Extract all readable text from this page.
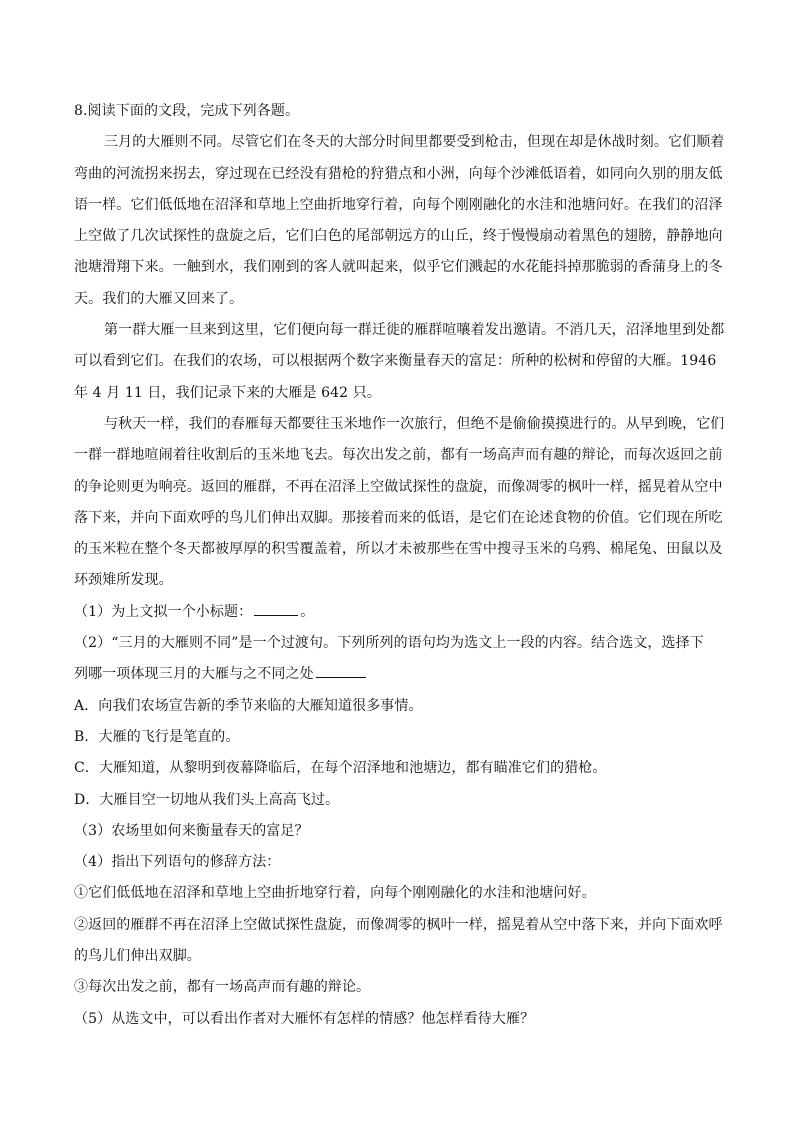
8.阅读下面的文段，完成下列各题。
三月的大雁则不同。尽管它们在冬天的大部分时间里都要受到枪击，但现在却是休战时刻。它们顺着
弯曲的河流拐来拐去，穿过现在已经没有猎枪的狩猎点和小洲，向每个沙滩低语着，如同向久别的朋友低
语一样。它们低低地在沼泽和草地上空曲折地穿行着，向每个刚刚融化的水洼和池塘问好。在我们的沼泽
上空做了几次试探性的盘旋之后，它们白色的尾部朝远方的山丘，终于慢慢扇动着黑色的翅膀，静静地向
池塘滑翔下来。一触到水，我们刚到的客人就叫起来，似乎它们溅起的水花能抖掉那脆弱的香蒲身上的冬
天。我们的大雁又回来了。
第一群大雁一旦来到这里，它们便向每一群迁徙的雁群喧嚷着发出邀请。不消几天，沼泽地里到处都
可以看到它们。在我们的农场，可以根据两个数字来衡量春天的富足：所种的松树和停留的大雁。1946
年 4 月 11 日，我们记录下来的大雁是 642 只。
与秋天一样，我们的春雁每天都要往玉米地作一次旅行，但绝不是偷偷摸摸进行的。从早到晚，它们
一群一群地喧闹着往收割后的玉米地飞去。每次出发之前，都有一场高声而有趣的辩论，而每次返回之前
的争论则更为响亮。返回的雁群，不再在沼泽上空做试探性的盘旋，而像凋零的枫叶一样，摇晃着从空中
落下来，并向下面欢呼的鸟儿们伸出双脚。那接着而来的低语，是它们在论述食物的价值。它们现在所吃
的玉米粒在整个冬天都被厚厚的积雪覆盖着，所以才未被那些在雪中搜寻玉米的乌鸦、棉尾兔、田鼠以及
环颈雉所发现。
（1）为上文拟一个小标题：	。
（2）“三月的大雁则不同”是一个过渡句。下列所列的语句均为选文上一段的内容。结合选文，选择下
列哪一项体现三月的大雁与之不同之处
A．向我们农场宣告新的季节来临的大雁知道很多事情。
B．大雁的飞行是笔直的。
C．大雁知道，从黎明到夜幕降临后，在每个沼泽地和池塘边，都有瞄准它们的猎枪。
D．大雁目空一切地从我们头上高高飞过。
（3）农场里如何来衡量春天的富足？
（4）指出下列语句的修辞方法：
①它们低低地在沼泽和草地上空曲折地穿行着，向每个刚刚融化的水洼和池塘问好。
②返回的雁群不再在沼泽上空做试探性盘旋，而像凋零的枫叶一样，摇晃着从空中落下来，并向下面欢呼
的鸟儿们伸出双脚。
③每次出发之前，都有一场高声而有趣的辩论。
（5）从选文中，可以看出作者对大雁怀有怎样的情感？他怎样看待大雁？
